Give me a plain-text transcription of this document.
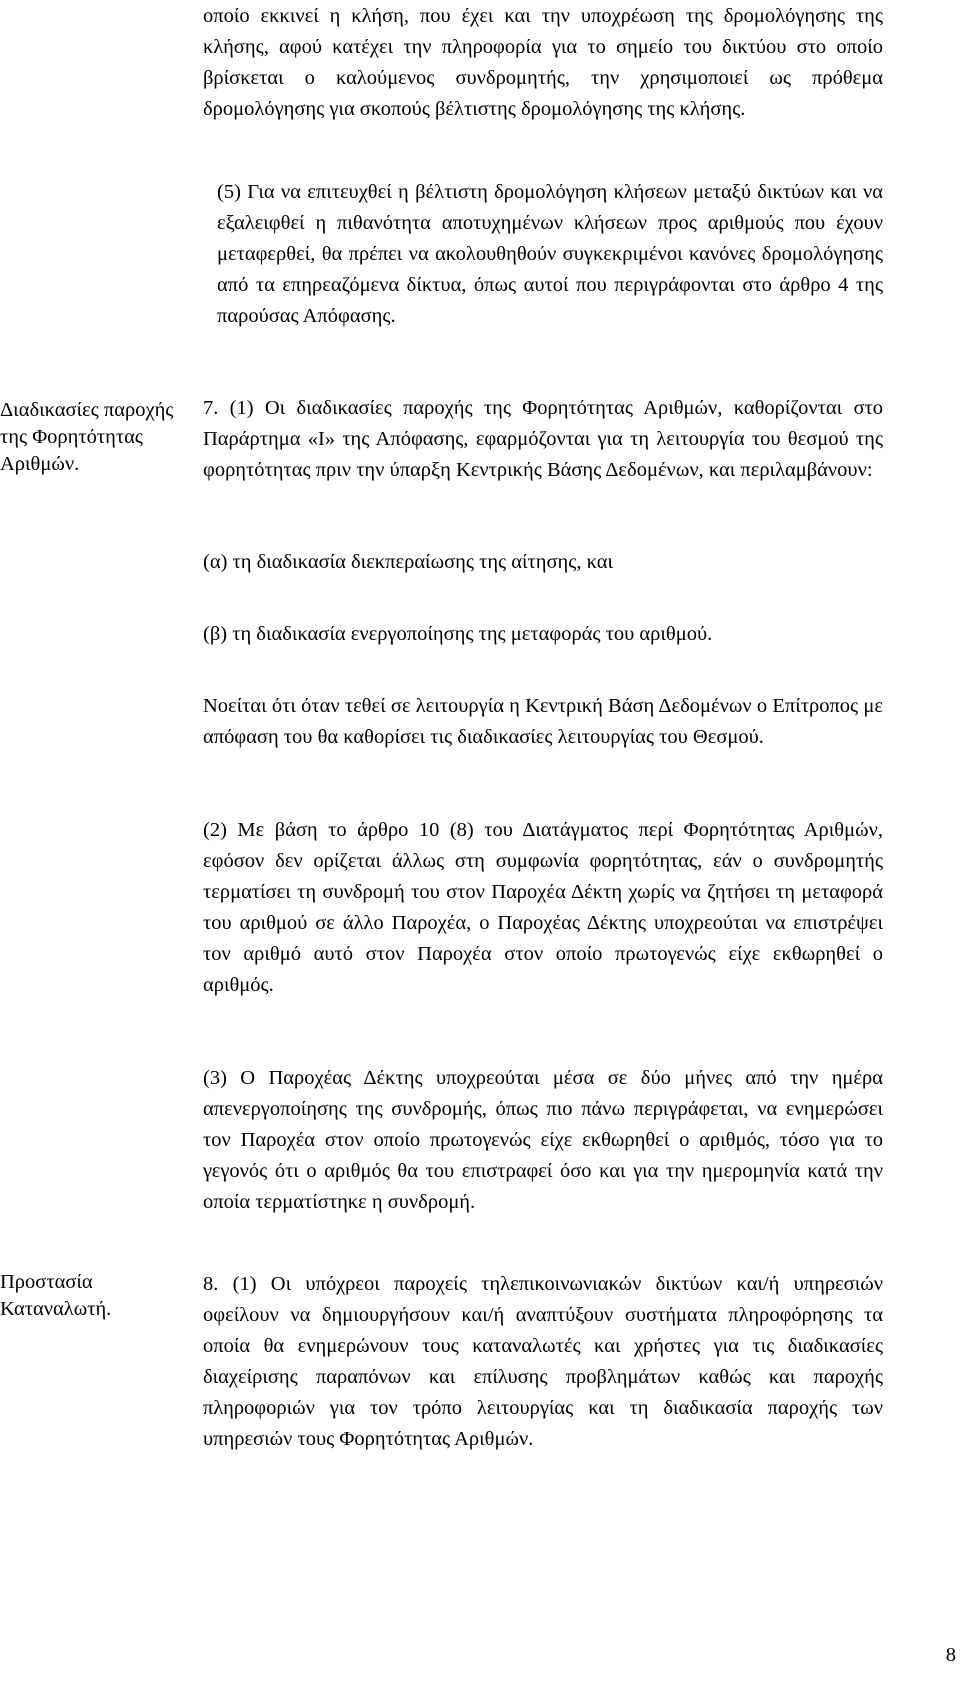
οποίο εκκινεί η κλήση, που έχει και την υποχρέωση της δρομολόγησης της κλήσης, αφού κατέχει την πληροφορία για το σημείο του δικτύου στο οποίο βρίσκεται ο καλούμενος συνδρομητής, την χρησιμοποιεί ως πρόθεμα δρομολόγησης για σκοπούς βέλτιστης δρομολόγησης της κλήσης.

(5) Για να επιτευχθεί η βέλτιστη δρομολόγηση κλήσεων μεταξύ δικτύων και να εξαλειφθεί η πιθανότητα αποτυχημένων κλήσεων προς αριθμούς που έχουν μεταφερθεί, θα πρέπει να ακολουθηθούν συγκεκριμένοι κανόνες δρομολόγησης από τα επηρεαζόμενα δίκτυα, όπως αυτοί που περιγράφονται στο άρθρο 4 της παρούσας Απόφασης.

Διαδικασίες παροχής της Φορητότητας Αριθμών.

7. (1) Οι διαδικασίες παροχής της Φορητότητας Αριθμών, καθορίζονται στο Παράρτημα «Ι» της Απόφασης, εφαρμόζονται για τη λειτουργία του θεσμού της φορητότητας πριν την ύπαρξη Κεντρικής Βάσης Δεδομένων, και περιλαμβάνουν:

(α) τη διαδικασία διεκπεραίωσης της αίτησης, και

(β) τη διαδικασία ενεργοποίησης της μεταφοράς του αριθμού.

Νοείται ότι όταν τεθεί σε λειτουργία η Κεντρική Βάση Δεδομένων ο Επίτροπος με απόφαση του θα καθορίσει τις διαδικασίες λειτουργίας του Θεσμού.

(2) Με βάση το άρθρο 10 (8) του Διατάγματος περί Φορητότητας Αριθμών, εφόσον δεν ορίζεται άλλως στη συμφωνία φορητότητας, εάν ο συνδρομητής τερματίσει τη συνδρομή του στον Παροχέα Δέκτη χωρίς να ζητήσει τη μεταφορά του αριθμού σε άλλο Παροχέα, ο Παροχέας Δέκτης υποχρεούται να επιστρέψει τον αριθμό αυτό στον Παροχέα στον οποίο πρωτογενώς είχε εκθωρηθεί ο αριθμός.

(3) Ο Παροχέας Δέκτης υποχρεούται μέσα σε δύο μήνες από την ημέρα απενεργοποίησης της συνδρομής, όπως πιο πάνω περιγράφεται, να ενημερώσει τον Παροχέα στον οποίο πρωτογενώς είχε εκθωρηθεί ο αριθμός, τόσο για το γεγονός ότι ο αριθμός θα του επιστραφεί όσο και για την ημερομηνία κατά την οποία τερματίστηκε η συνδρομή.

Προστασία Καταναλωτή.

8. (1) Οι υπόχρεοι παροχείς τηλεπικοινωνιακών δικτύων και/ή υπηρεσιών οφείλουν να δημιουργήσουν και/ή αναπτύξουν συστήματα πληροφόρησης τα οποία θα ενημερώνουν τους καταναλωτές και χρήστες για τις διαδικασίες διαχείρισης παραπόνων και επίλυσης προβλημάτων καθώς και παροχής πληροφοριών για τον τρόπο λειτουργίας και τη διαδικασία παροχής των υπηρεσιών τους Φορητότητας Αριθμών.

8
